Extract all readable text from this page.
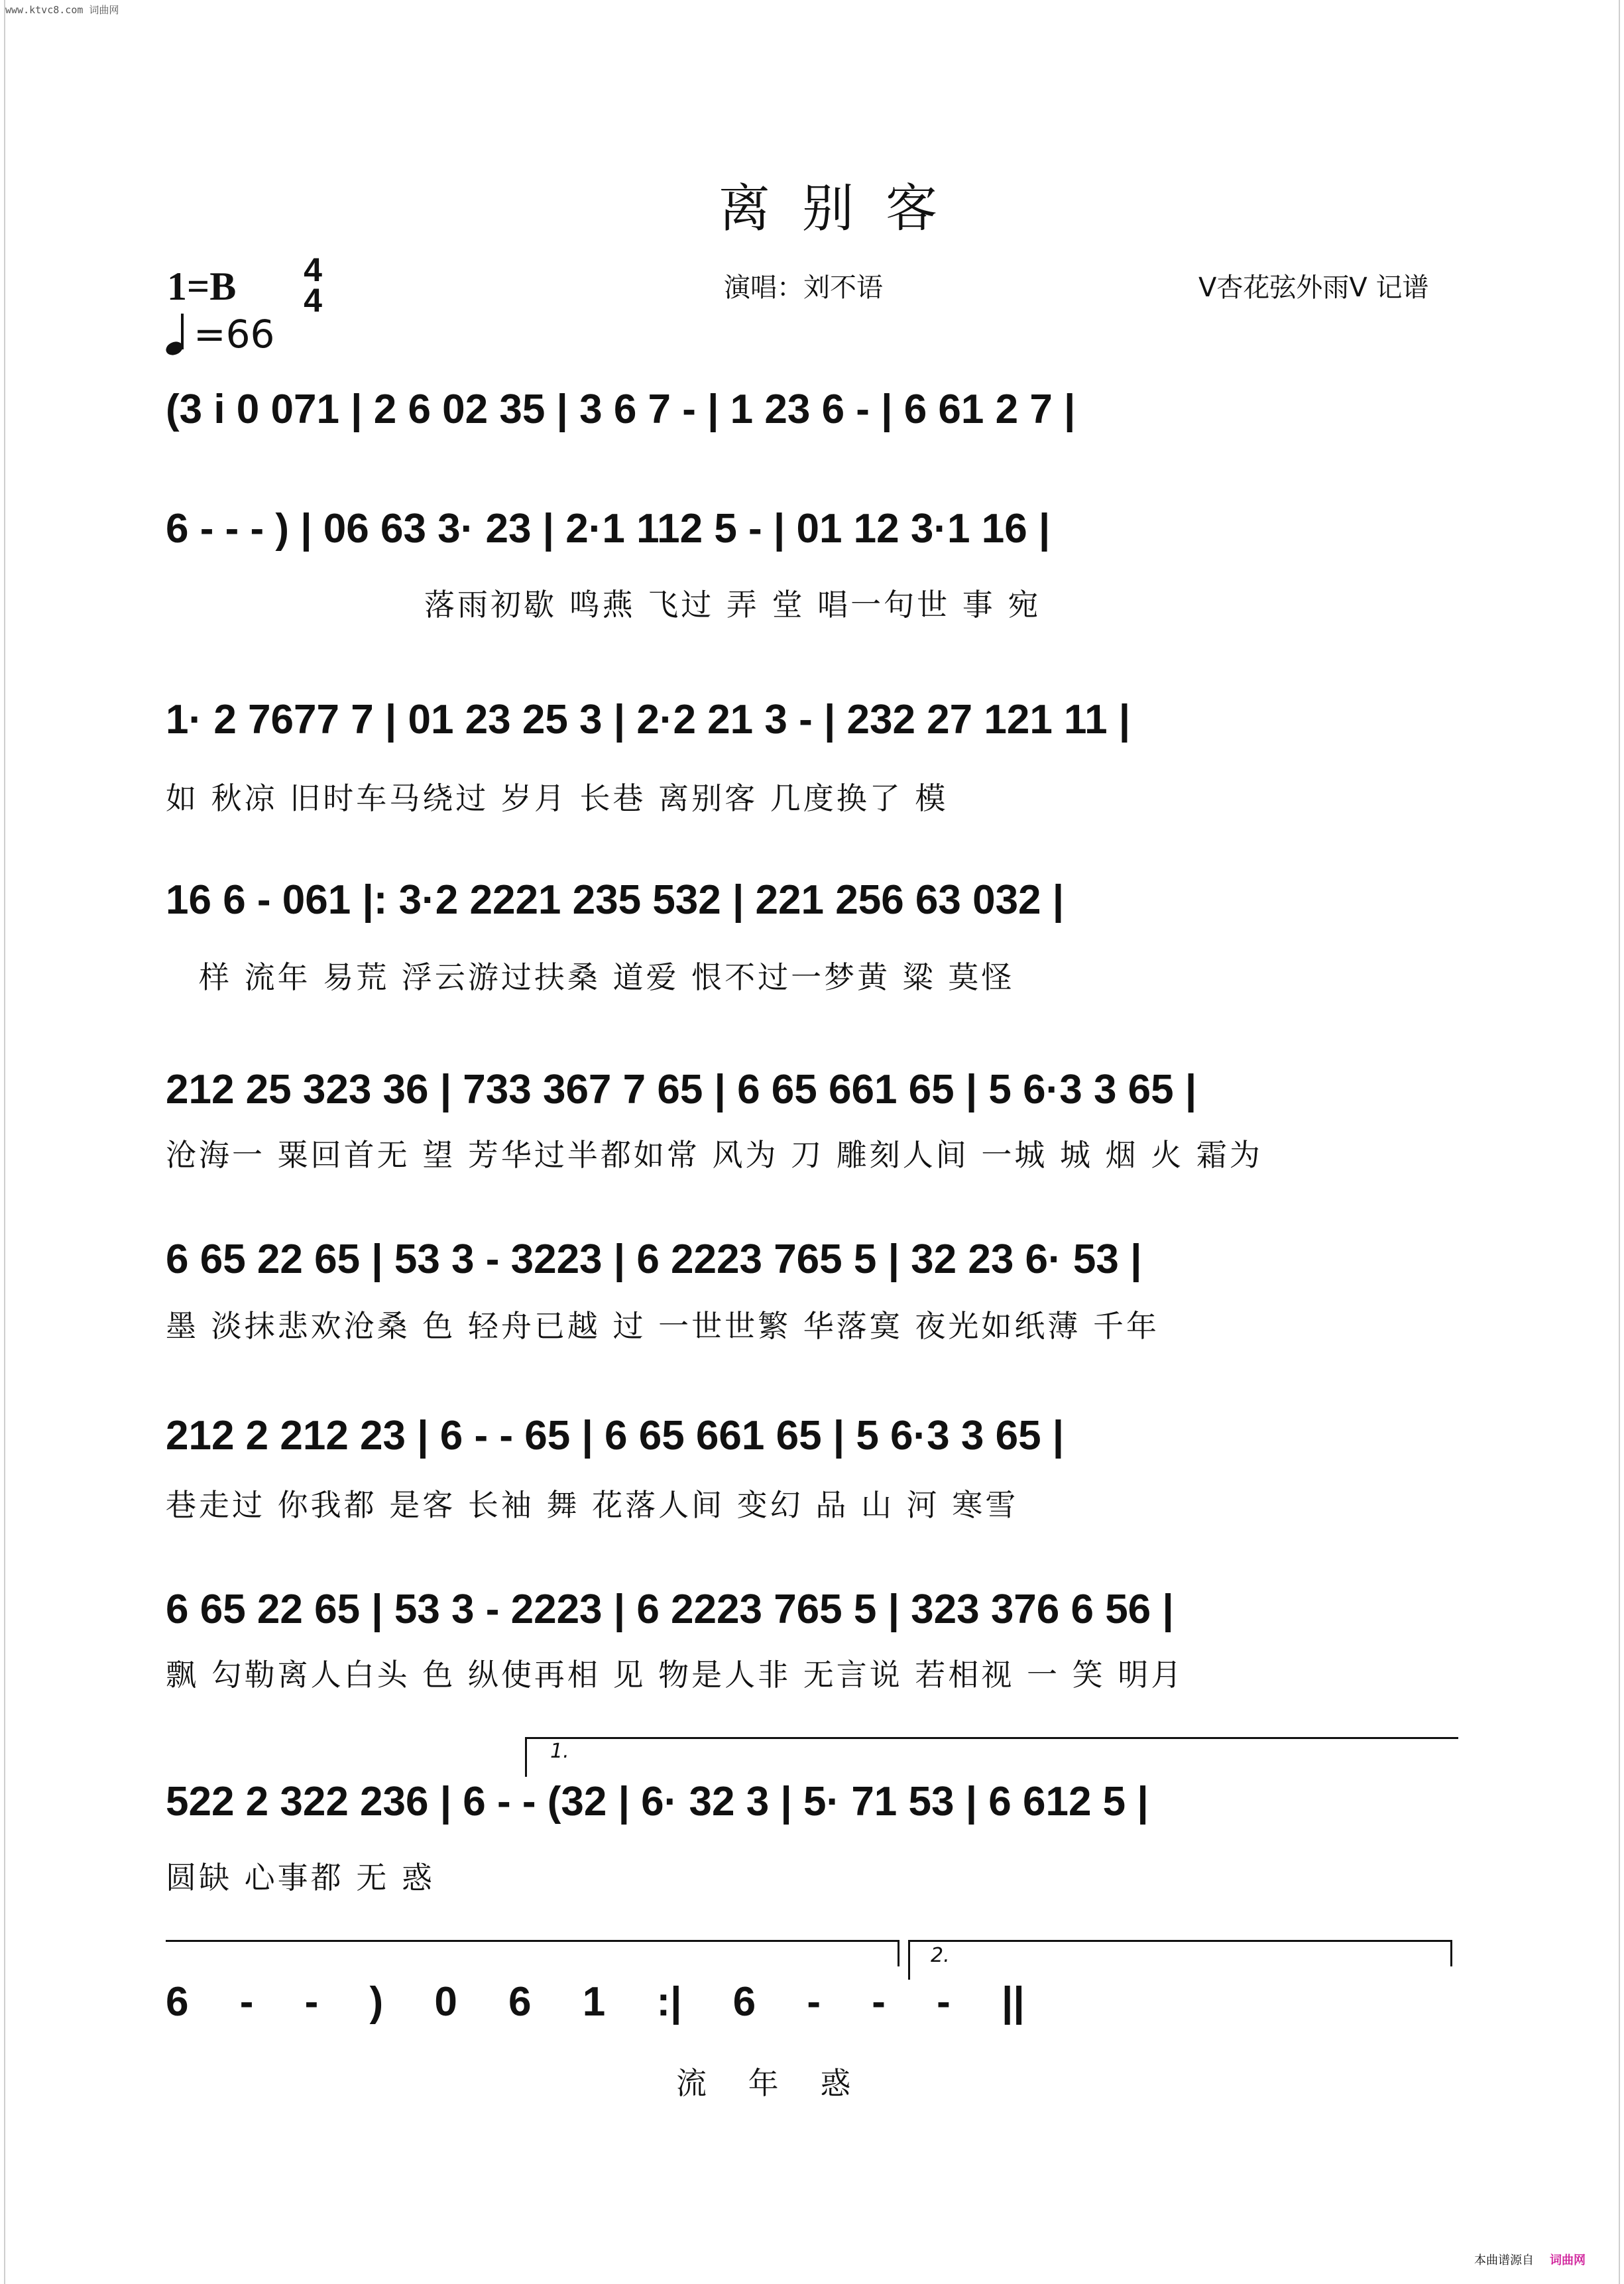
www.ktvc8.com 词曲网
离别客
1=B	4
4
=66
演唱：刘不语	V杏花弦外雨V 记谱
(3 i 0 071 | 2 6 02 35 | 3 6 7 - | 1 23 6 - | 6 61 2 7 |
6 - - - ) | 06 63 3· 23 | 2·1 112 5 - | 01 12 3·1 16 |
落雨初歇 鸣燕 飞过 弄 堂 唱一句世 事 宛
1· 2 7677 7 | 01 23 25 3 | 2·2 21 3 - | 232 27 121 11 |
如 秋凉 旧时车马绕过 岁月 长巷 离别客 几度换了 模
16 6 - 061 |: 3·2 2221 235 532 | 221 256 63 032 |
样 流年 易荒 浮云游过扶桑 道爱 恨不过一梦黄 粱 莫怪
212 25 323 36 | 733 367 7 65 | 6 65 661 65 | 5 6·3 3 65 |
沧海一 粟回首无 望 芳华过半都如常 风为 刀 雕刻人间 一城 城 烟 火 霜为
6 65 22 65 | 53 3 - 3223 | 6 2223 765 5 | 32 23 6· 53 |
墨 淡抹悲欢沧桑 色 轻舟已越 过 一世世繁 华落寞 夜光如纸薄 千年
212 2 212 23 | 6 - - 65 | 6 65 661 65 | 5 6·3 3 65 |
巷走过 你我都 是客 长袖 舞 花落人间 变幻 品 山 河 寒雪
6 65 22 65 | 53 3 - 2223 | 6 2223 765 5 | 323 376 6 56 |
飘 勾勒离人白头 色 纵使再相 见 物是人非 无言说 若相视 一 笑 明月
1.
522 2 322 236 | 6 - - (32 | 6· 32 3 | 5· 71 53 | 6 612 5 |
圆缺 心事都 无 惑
2.
6 - - ) 0 6 1 :| 6 - - - ||
流 年 惑
本曲谱源自 词曲网
